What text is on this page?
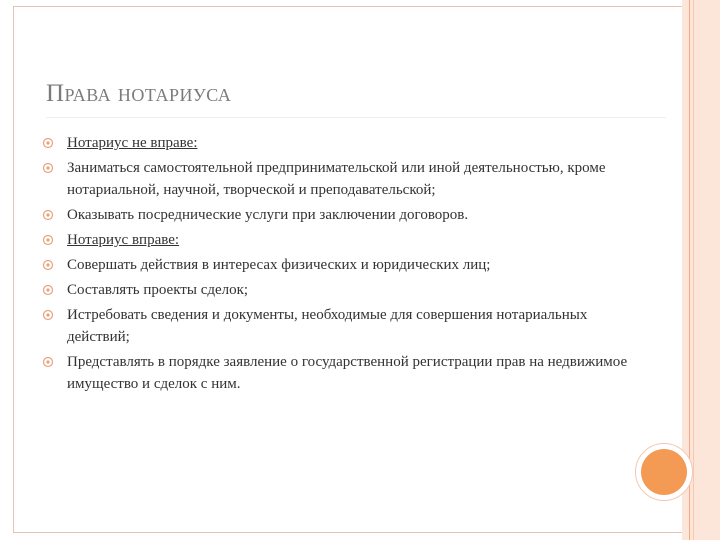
Права нотариуса
Нотариус не вправе:
Заниматься самостоятельной предпринимательской или иной деятельностью, кроме нотариальной, научной, творческой и преподавательской;
Оказывать посреднические услуги при заключении договоров.
Нотариус вправе:
Совершать действия в интересах физических и юридических лиц;
Составлять проекты сделок;
Истребовать сведения и документы, необходимые для совершения нотариальных действий;
Представлять в порядке заявление о государственной регистрации прав на недвижимое имущество и сделок с ним.
